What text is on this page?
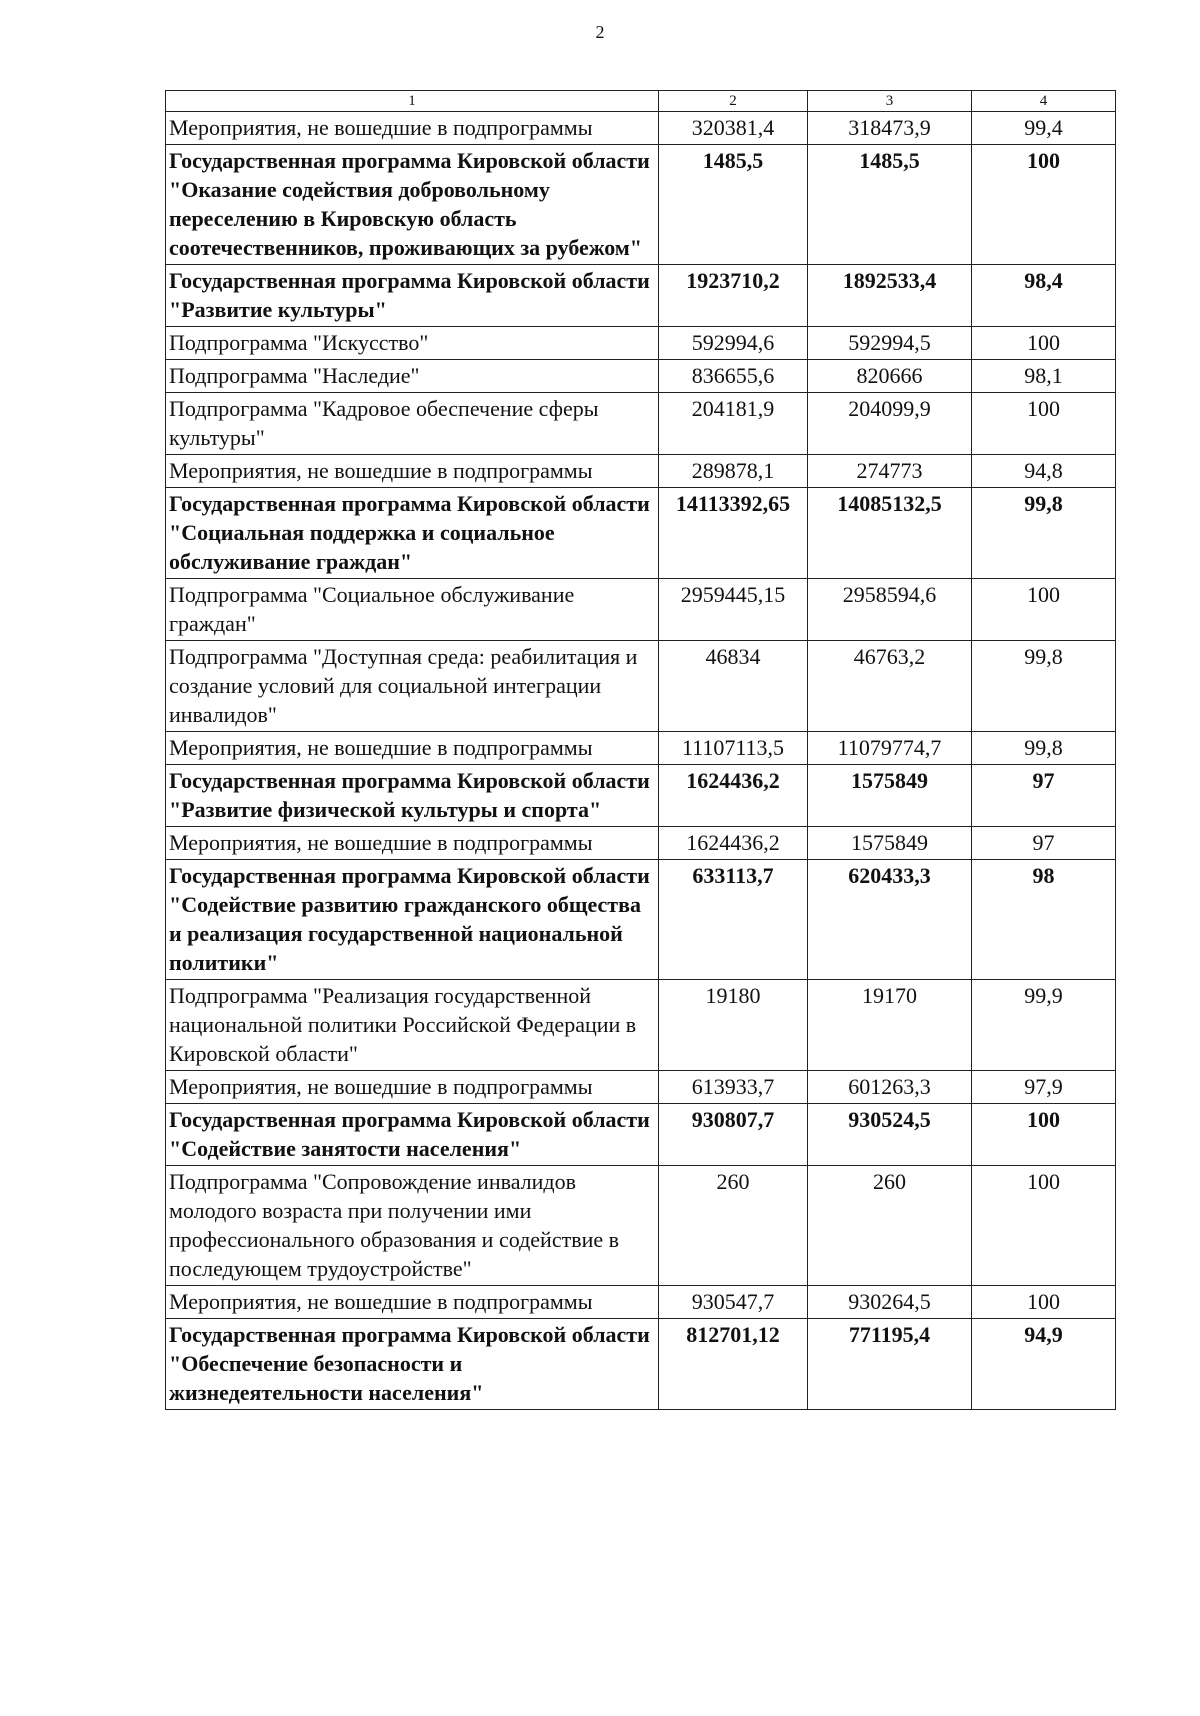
2
1	2	3	4
Мероприятия, не вошедшие в подпрограммы	320381,4	318473,9	99,4
Государственная программа Кировской области "Оказание содействия добровольному переселению в Кировскую область соотечественников, проживающих за рубежом"	1485,5	1485,5	100
Государственная программа Кировской области "Развитие культуры"	1923710,2	1892533,4	98,4
Подпрограмма "Искусство"	592994,6	592994,5	100
Подпрограмма "Наследие"	836655,6	820666	98,1
Подпрограмма "Кадровое обеспечение сферы культуры"	204181,9	204099,9	100
Мероприятия, не вошедшие в подпрограммы	289878,1	274773	94,8
Государственная программа Кировской области "Социальная поддержка и социальное обслуживание граждан"	14113392,65	14085132,5	99,8
Подпрограмма "Социальное обслуживание граждан"	2959445,15	2958594,6	100
Подпрограмма "Доступная среда: реабилитация и создание условий для социальной интеграции инвалидов"	46834	46763,2	99,8
Мероприятия, не вошедшие в подпрограммы	11107113,5	11079774,7	99,8
Государственная программа Кировской области "Развитие физической культуры и спорта"	1624436,2	1575849	97
Мероприятия, не вошедшие в подпрограммы	1624436,2	1575849	97
Государственная программа Кировской области "Содействие развитию гражданского общества и реализация государственной национальной политики"	633113,7	620433,3	98
Подпрограмма "Реализация государственной национальной политики Российской Федерации в Кировской области"	19180	19170	99,9
Мероприятия, не вошедшие в подпрограммы	613933,7	601263,3	97,9
Государственная программа Кировской области "Содействие занятости населения"	930807,7	930524,5	100
Подпрограмма "Сопровождение инвалидов молодого возраста при получении ими профессионального образования и содействие в последующем трудоустройстве"	260	260	100
Мероприятия, не вошедшие в подпрограммы	930547,7	930264,5	100
Государственная программа Кировской области "Обеспечение безопасности и жизнедеятельности населения"	812701,12	771195,4	94,9
